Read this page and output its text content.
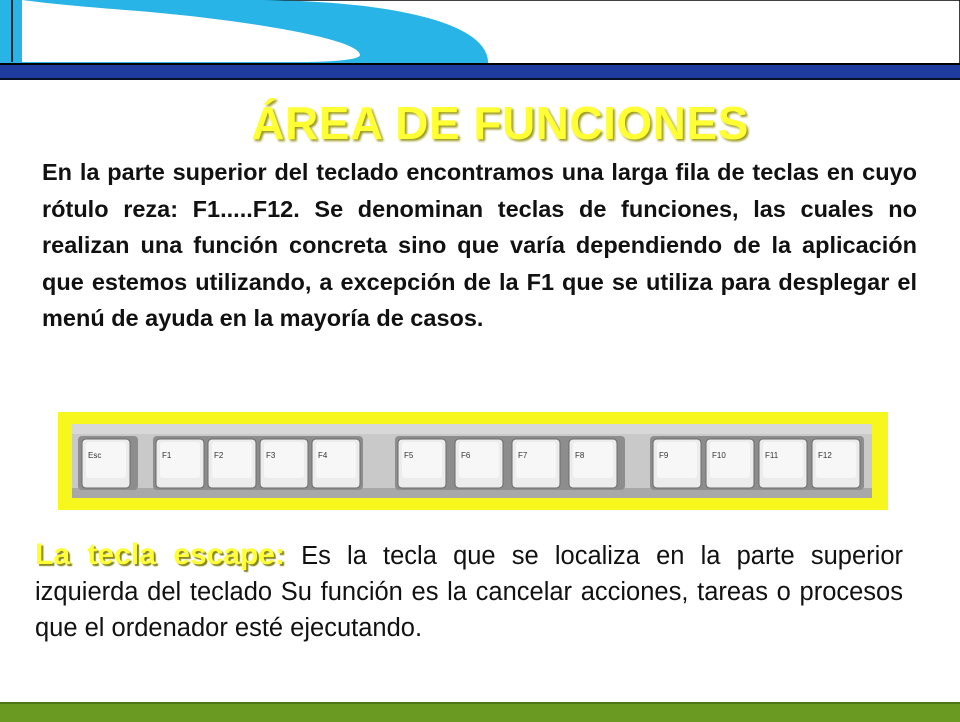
ÁREA DE FUNCIONES

En la parte superior del teclado encontramos una larga fila de teclas en cuyo rótulo reza: F1.....F12. Se denominan teclas de funciones, las cuales no realizan una función concreta sino que varía dependiendo de la aplicación que estemos utilizando, a excepción de la F1 que se utiliza para desplegar el menú de ayuda en la mayoría de casos.

Esc	F1	F2	F3	F4	F5	F6	F7	F8	F9	F10	F11	F12

La tecla escape: Es la tecla que se localiza en la parte superior izquierda del teclado Su función es la cancelar acciones, tareas o procesos que el ordenador esté ejecutando.
